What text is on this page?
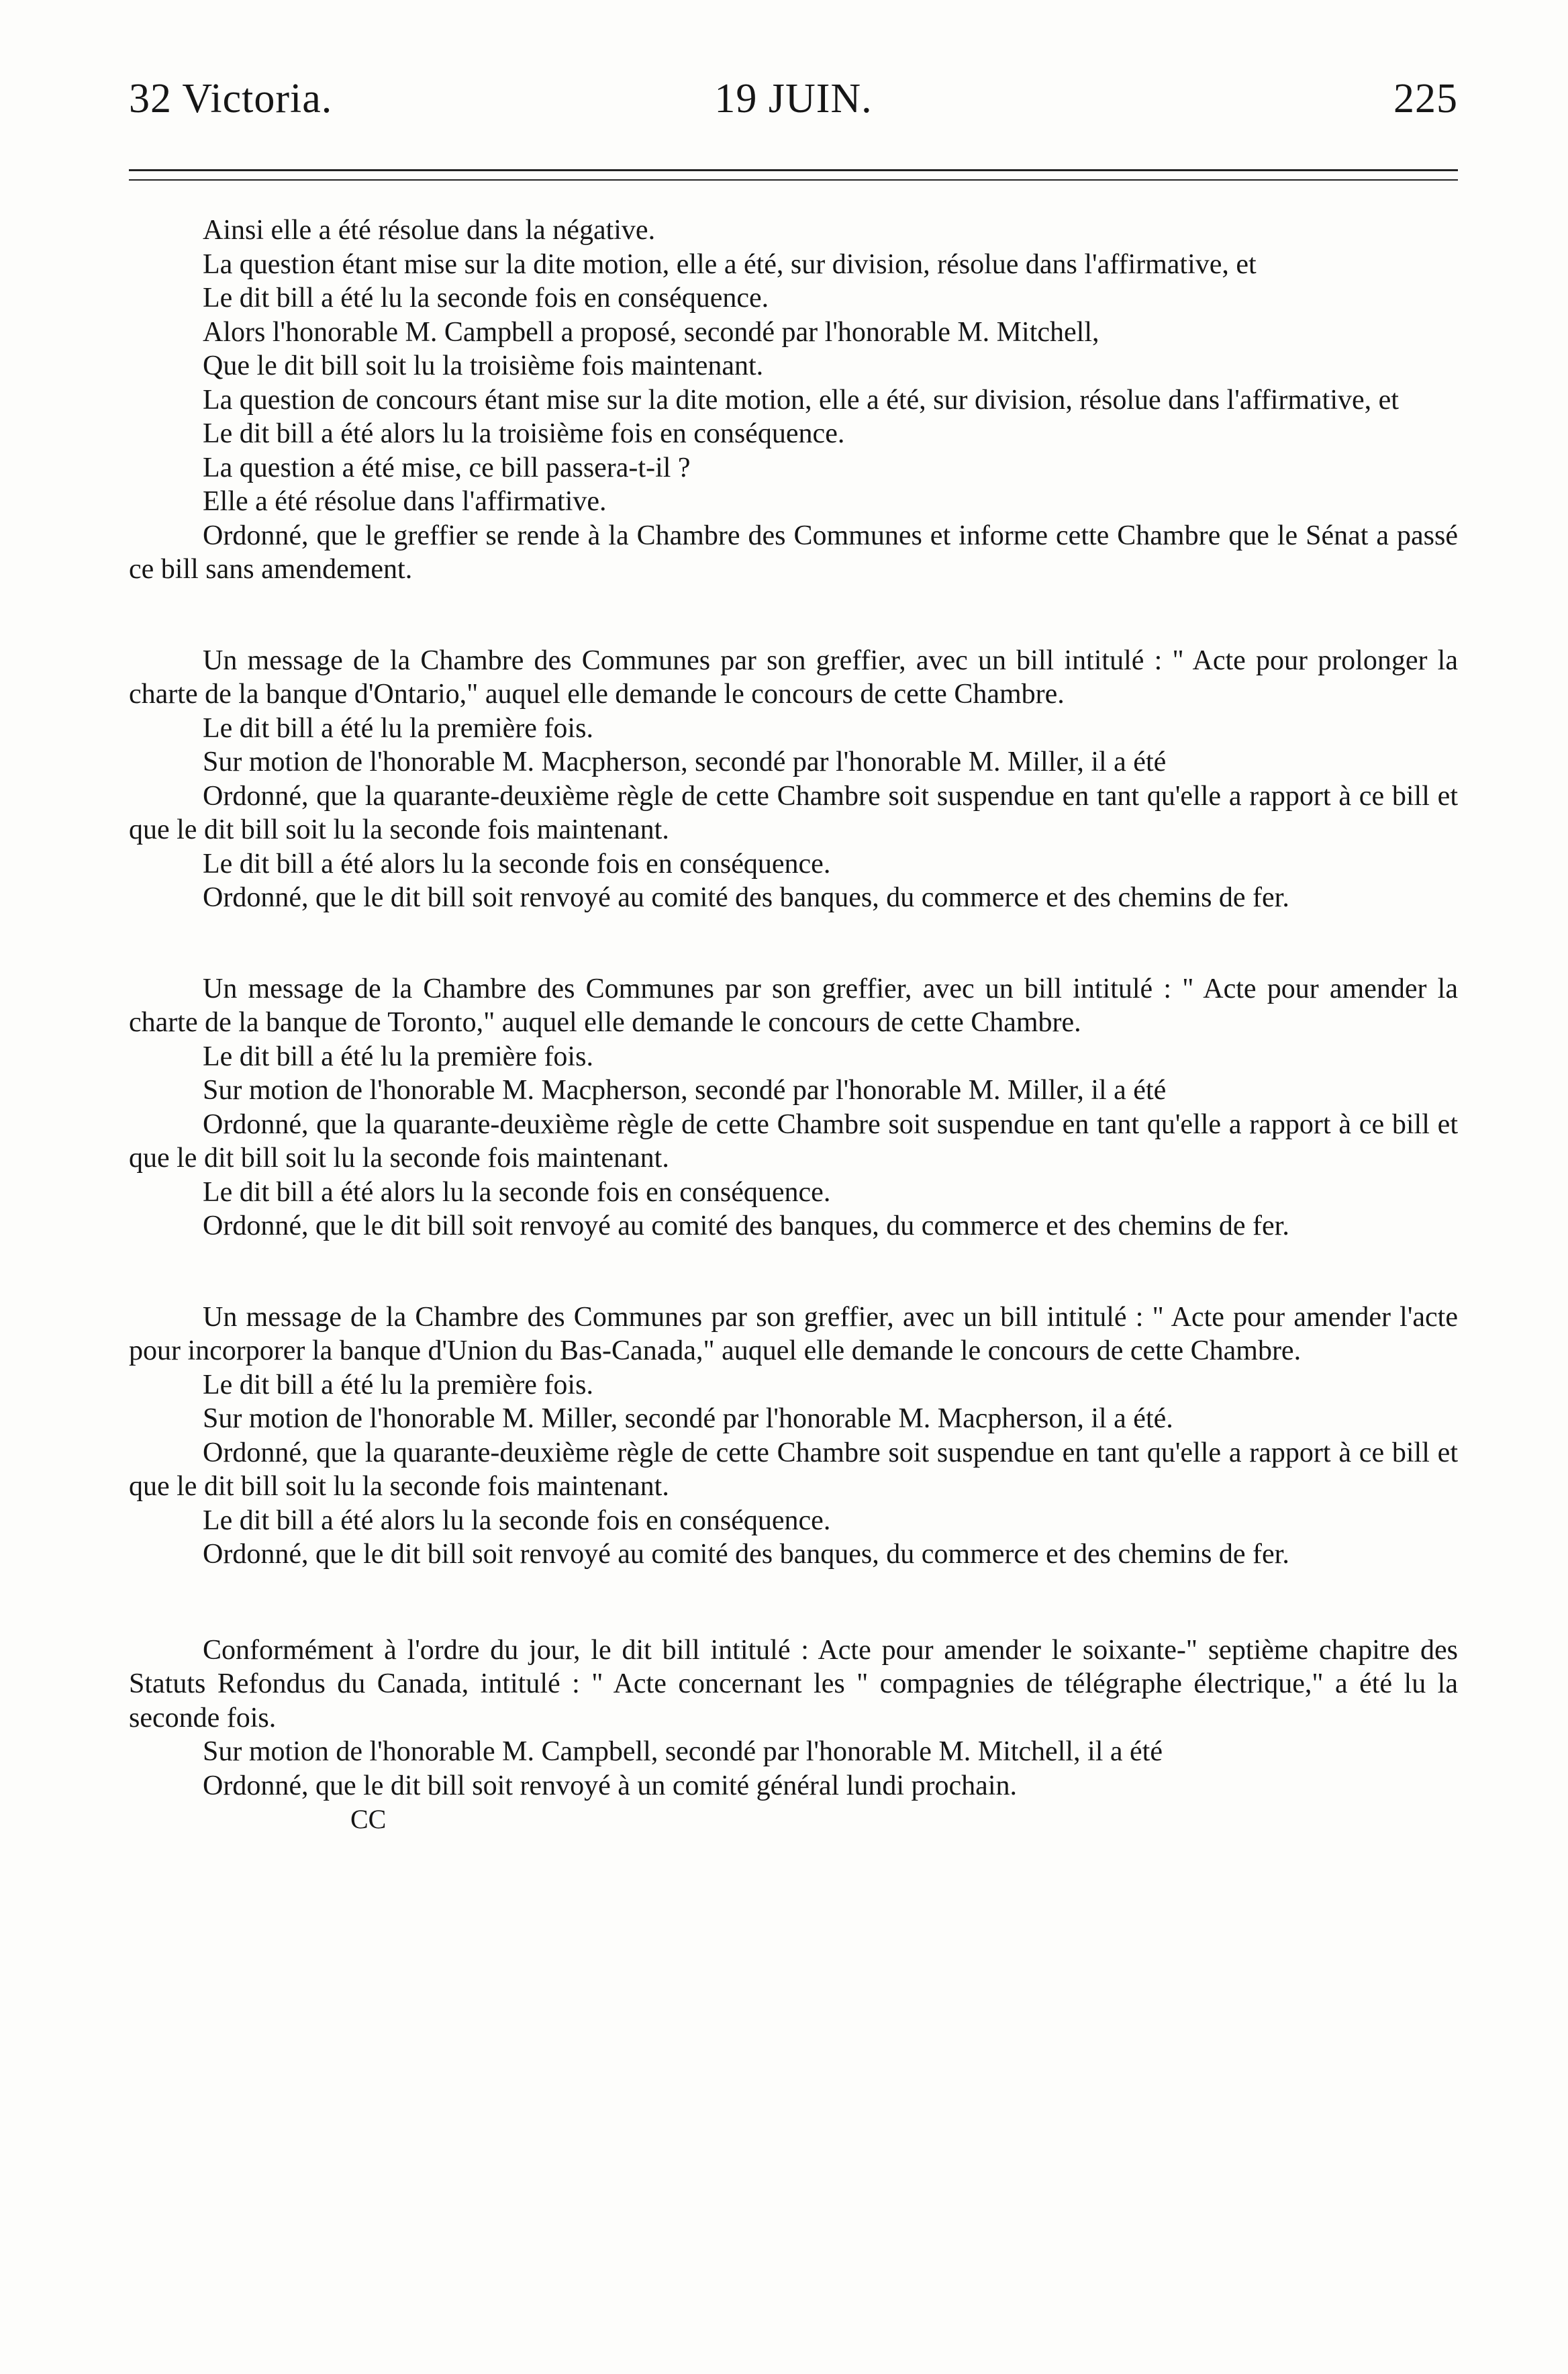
32 Victoria.	19 JUIN.	225

Ainsi elle a été résolue dans la négative.

La question étant mise sur la dite motion, elle a été, sur division, résolue dans l'affirmative, et

Le dit bill a été lu la seconde fois en conséquence.

Alors l'honorable M. Campbell a proposé, secondé par l'honorable M. Mitchell,

Que le dit bill soit lu la troisième fois maintenant.

La question de concours étant mise sur la dite motion, elle a été, sur division, résolue dans l'affirmative, et

Le dit bill a été alors lu la troisième fois en conséquence.

La question a été mise, ce bill passera-t-il ?

Elle a été résolue dans l'affirmative.

Ordonné, que le greffier se rende à la Chambre des Communes et informe cette Chambre que le Sénat a passé ce bill sans amendement.

Un message de la Chambre des Communes par son greffier, avec un bill intitulé : " Acte pour prolonger la charte de la banque d'Ontario," auquel elle demande le concours de cette Chambre.

Le dit bill a été lu la première fois.

Sur motion de l'honorable M. Macpherson, secondé par l'honorable M. Miller, il a été

Ordonné, que la quarante-deuxième règle de cette Chambre soit suspendue en tant qu'elle a rapport à ce bill et que le dit bill soit lu la seconde fois maintenant.

Le dit bill a été alors lu la seconde fois en conséquence.

Ordonné, que le dit bill soit renvoyé au comité des banques, du commerce et des chemins de fer.

Un message de la Chambre des Communes par son greffier, avec un bill intitulé : " Acte pour amender la charte de la banque de Toronto," auquel elle demande le concours de cette Chambre.

Le dit bill a été lu la première fois.

Sur motion de l'honorable M. Macpherson, secondé par l'honorable M. Miller, il a été

Ordonné, que la quarante-deuxième règle de cette Chambre soit suspendue en tant qu'elle a rapport à ce bill et que le dit bill soit lu la seconde fois maintenant.

Le dit bill a été alors lu la seconde fois en conséquence.

Ordonné, que le dit bill soit renvoyé au comité des banques, du commerce et des chemins de fer.

Un message de la Chambre des Communes par son greffier, avec un bill intitulé : " Acte pour amender l'acte pour incorporer la banque d'Union du Bas-Canada," auquel elle demande le concours de cette Chambre.

Le dit bill a été lu la première fois.

Sur motion de l'honorable M. Miller, secondé par l'honorable M. Macpherson, il a été.

Ordonné, que la quarante-deuxième règle de cette Chambre soit suspendue en tant qu'elle a rapport à ce bill et que le dit bill soit lu la seconde fois maintenant.

Le dit bill a été alors lu la seconde fois en conséquence.

Ordonné, que le dit bill soit renvoyé au comité des banques, du commerce et des chemins de fer.

Conformément à l'ordre du jour, le dit bill intitulé : Acte pour amender le soixante-" septième chapitre des Statuts Refondus du Canada, intitulé : " Acte concernant les " compagnies de télégraphe électrique," a été lu la seconde fois.

Sur motion de l'honorable M. Campbell, secondé par l'honorable M. Mitchell, il a été

Ordonné, que le dit bill soit renvoyé à un comité général lundi prochain.

CC
